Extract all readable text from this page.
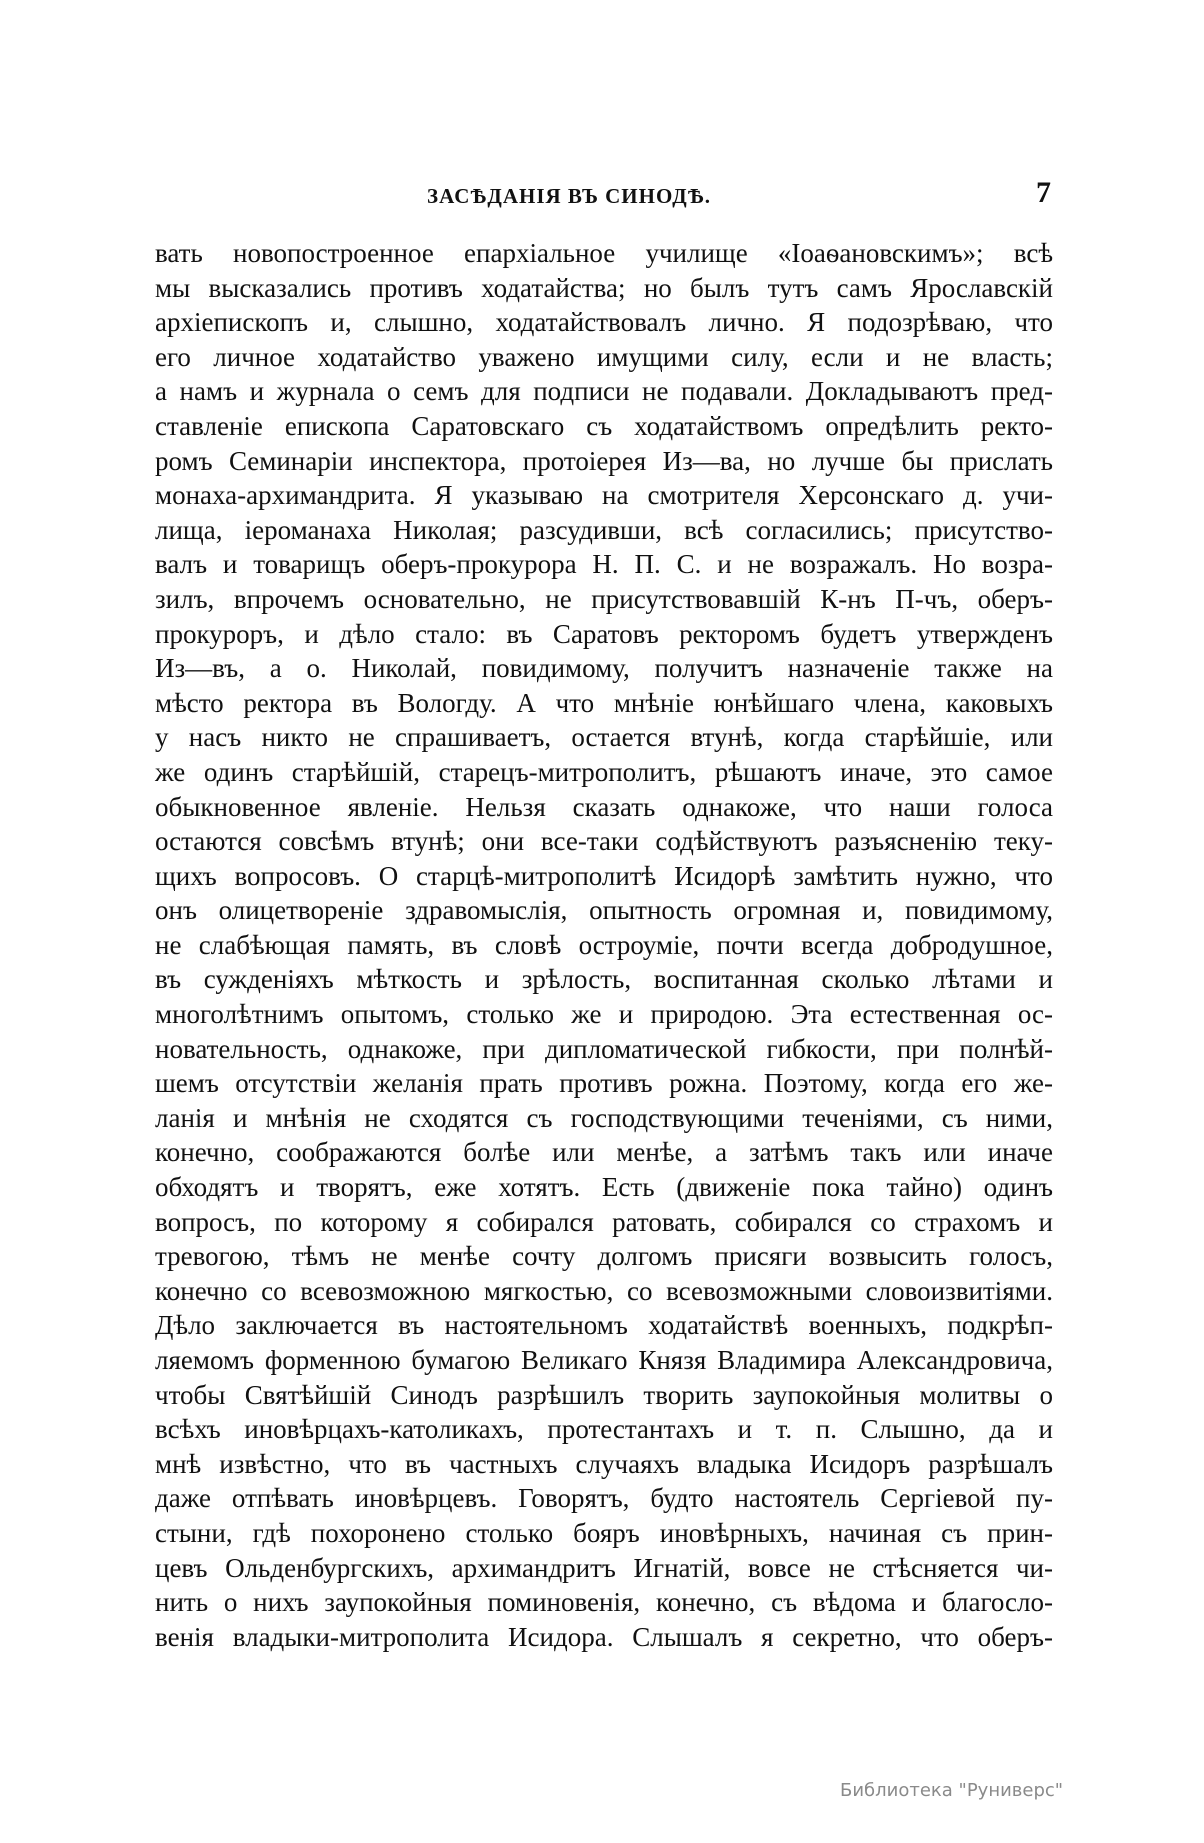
ЗАСѢДАНІЯ ВЪ СИНОДѢ.	7
вать новопостроенное епархіальное училище «Іоаѳановскимъ»; всѣ
мы высказались противъ ходатайства; но былъ тутъ самъ Ярославскій
архіепископъ и, слышно, ходатайствовалъ лично. Я подозрѣваю, что
его личное ходатайство уважено имущими силу, если и не власть;
а намъ и журнала о семъ для подписи не подавали. Докладываютъ пред-
ставленіе епископа Саратовскаго съ ходатайствомъ опредѣлить ректо-
ромъ Семинаріи инспектора, протоіерея Из—ва, но лучше бы прислать
монаха-архимандрита. Я указываю на смотрителя Херсонскаго д. учи-
лища, іероманаха Николая; разсудивши, всѣ согласились; присутство-
валъ и товарищъ оберъ-прокурора Н. П. С. и не возражалъ. Но возра-
зилъ, впрочемъ основательно, не присутствовавшій К-нъ П-чъ, оберъ-
прокуроръ, и дѣло стало: въ Саратовъ ректоромъ будетъ утвержденъ
Из—въ, а о. Николай, повидимому, получитъ назначеніе также на
мѣсто ректора въ Вологду. А что мнѣніе юнѣйшаго члена, каковыхъ
у насъ никто не спрашиваетъ, остается втунѣ, когда старѣйшіе, или
же одинъ старѣйшій, старецъ-митрополитъ, рѣшаютъ иначе, это самое
обыкновенное явленіе. Нельзя сказать однакоже, что наши голоса
остаются совсѣмъ втунѣ; они все-таки содѣйствуютъ разъясненію теку-
щихъ вопросовъ. О старцѣ-митрополитѣ Исидорѣ замѣтить нужно, что
онъ олицетвореніе здравомыслія, опытность огромная и, повидимому,
не слабѣющая память, въ словѣ остроуміе, почти всегда добродушное,
въ сужденіяхъ мѣткость и зрѣлость, воспитанная сколько лѣтами и
многолѣтнимъ опытомъ, столько же и природою. Эта естественная ос-
новательность, однакоже, при дипломатической гибкости, при полнѣй-
шемъ отсутствіи желанія прать противъ рожна. Поэтому, когда его же-
ланія и мнѣнія не сходятся съ господствующими теченіями, съ ними,
конечно, соображаются болѣе или менѣе, а затѣмъ такъ или иначе
обходятъ и творятъ, еже хотятъ. Есть (движеніе пока тайно) одинъ
вопросъ, по которому я собирался ратовать, собирался со страхомъ и
тревогою, тѣмъ не менѣе сочту долгомъ присяги возвысить голосъ,
конечно со всевозможною мягкостью, со всевозможными словоизвитіями.
Дѣло заключается въ настоятельномъ ходатайствѣ военныхъ, подкрѣп-
ляемомъ форменною бумагою Великаго Князя Владимира Александровича,
чтобы Святѣйшій Синодъ разрѣшилъ творить заупокойныя молитвы о
всѣхъ иновѣрцахъ-католикахъ, протестантахъ и т. п. Слышно, да и
мнѣ извѣстно, что въ частныхъ случаяхъ владыка Исидоръ разрѣшалъ
даже отпѣвать иновѣрцевъ. Говорятъ, будто настоятель Сергіевой пу-
стыни, гдѣ похоронено столько бояръ иновѣрныхъ, начиная съ прин-
цевъ Ольденбургскихъ, архимандритъ Игнатій, вовсе не стѣсняется чи-
нить о нихъ заупокойныя поминовенія, конечно, съ вѣдома и благосло-
венія владыки-митрополита Исидора. Слышалъ я секретно, что оберъ-
Библиотека "Руниверс"
